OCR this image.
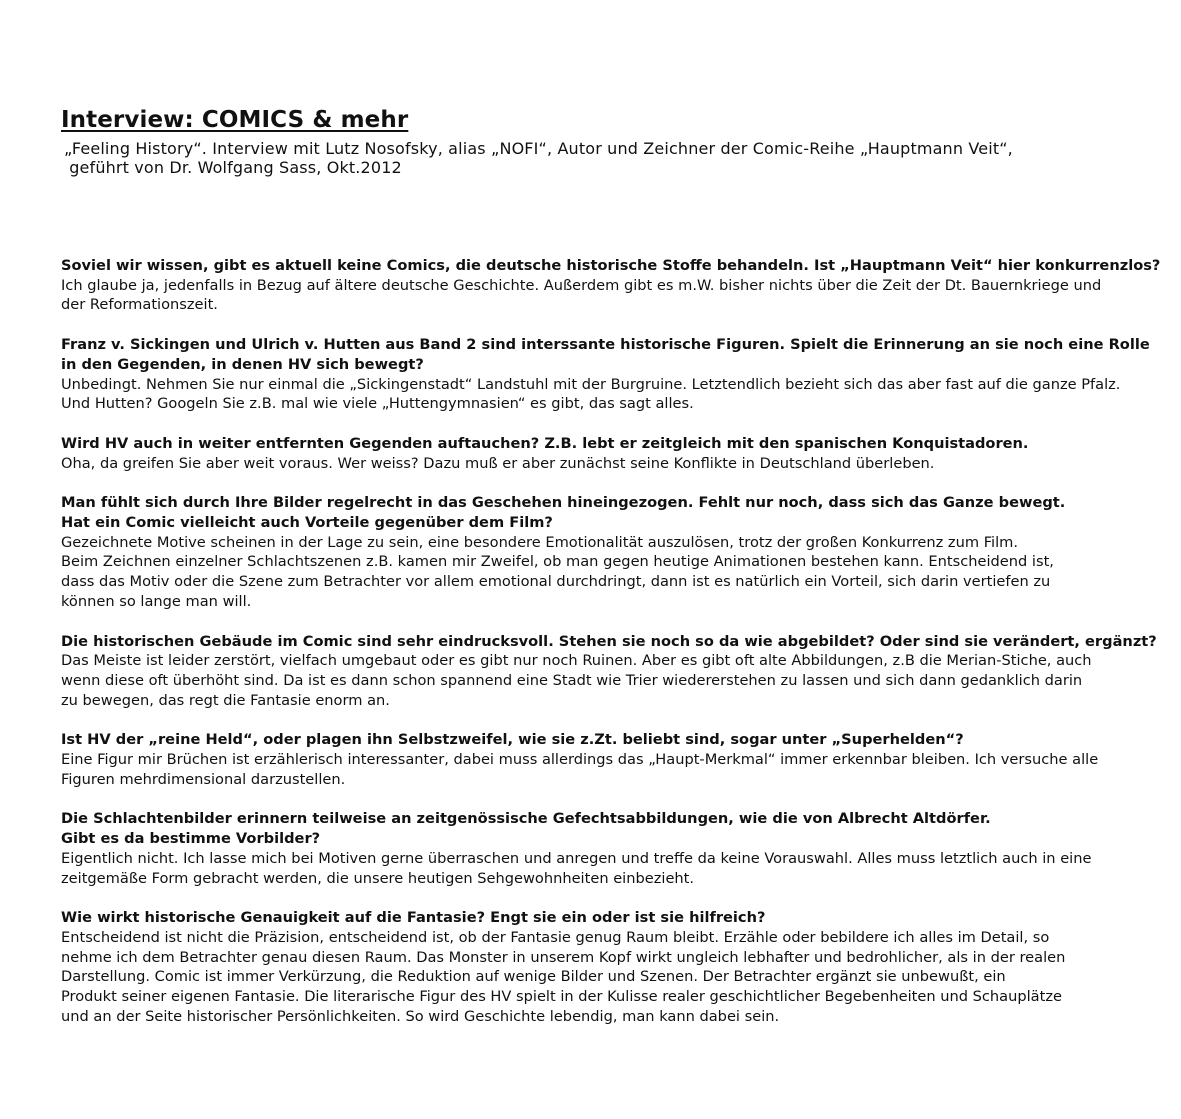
Interview: COMICS & mehr
„Feeling History“. Interview mit Lutz Nosofsky, alias „NOFI“, Autor und Zeichner der Comic-Reihe „Hauptmann Veit“,
geführt von Dr. Wolfgang Sass, Okt.2012

Soviel wir wissen, gibt es aktuell keine Comics, die deutsche historische Stoffe behandeln. Ist „Hauptmann Veit“ hier konkurrenzlos?

Ich glaube ja, jedenfalls in Bezug auf ältere deutsche Geschichte. Außerdem gibt es m.W. bisher nichts über die Zeit der Dt. Bauernkriege und
der Reformationszeit.

Franz v. Sickingen und Ulrich v. Hutten aus Band 2 sind interssante historische Figuren. Spielt die Erinnerung an sie noch eine Rolle
in den Gegenden, in denen HV sich bewegt?

Unbedingt. Nehmen Sie nur einmal die „Sickingenstadt“ Landstuhl mit der Burgruine. Letztendlich bezieht sich das aber fast auf die ganze Pfalz.
Und Hutten? Googeln Sie z.B. mal wie viele „Huttengymnasien“ es gibt, das sagt alles.

Wird HV auch in weiter entfernten Gegenden auftauchen? Z.B. lebt er zeitgleich mit den spanischen Konquistadoren.

Oha, da greifen Sie aber weit voraus. Wer weiss? Dazu muß er aber zunächst seine Konflikte in Deutschland überleben.

Man fühlt sich durch Ihre Bilder regelrecht in das Geschehen hineingezogen. Fehlt nur noch, dass sich das Ganze bewegt.
Hat ein Comic vielleicht auch Vorteile gegenüber dem Film?

Gezeichnete Motive scheinen in der Lage zu sein, eine besondere Emotionalität auszulösen, trotz der großen Konkurrenz zum Film.
Beim Zeichnen einzelner Schlachtszenen z.B. kamen mir Zweifel, ob man gegen heutige Animationen bestehen kann. Entscheidend ist,
dass das Motiv oder die Szene zum Betrachter vor allem emotional durchdringt, dann ist es natürlich ein Vorteil, sich darin vertiefen zu
können so lange man will.

Die historischen Gebäude im Comic sind sehr eindrucksvoll. Stehen sie noch so da wie abgebildet? Oder sind sie verändert, ergänzt?

Das Meiste ist leider zerstört, vielfach umgebaut oder es gibt nur noch Ruinen. Aber es gibt oft alte Abbildungen, z.B die Merian-Stiche, auch
wenn diese oft überhöht sind. Da ist es dann schon spannend eine Stadt wie Trier wiedererstehen zu lassen und sich dann gedanklich darin
zu bewegen, das regt die Fantasie enorm an.

Ist HV der „reine Held“, oder plagen ihn Selbstzweifel, wie sie z.Zt. beliebt sind, sogar unter „Superhelden“?

Eine Figur mir Brüchen ist erzählerisch interessanter, dabei muss allerdings das „Haupt-Merkmal“ immer erkennbar bleiben. Ich versuche alle
Figuren mehrdimensional darzustellen.

Die Schlachtenbilder erinnern teilweise an zeitgenössische Gefechtsabbildungen, wie die von Albrecht Altdörfer.
Gibt es da bestimme Vorbilder?

Eigentlich nicht. Ich lasse mich bei Motiven gerne überraschen und anregen und treffe da keine Vorauswahl. Alles muss letztlich auch in eine
zeitgemäße Form gebracht werden, die unsere heutigen Sehgewohnheiten einbezieht.

Wie wirkt historische Genauigkeit auf die Fantasie? Engt sie ein oder ist sie hilfreich?

Entscheidend ist nicht die Präzision, entscheidend ist, ob der Fantasie genug Raum bleibt. Erzähle oder bebildere ich alles im Detail, so
nehme ich dem Betrachter genau diesen Raum. Das Monster in unserem Kopf wirkt ungleich lebhafter und bedrohlicher, als in der realen
Darstellung. Comic ist immer Verkürzung, die Reduktion auf wenige Bilder und Szenen. Der Betrachter ergänzt sie unbewußt, ein
Produkt seiner eigenen Fantasie. Die literarische Figur des HV spielt in der Kulisse realer geschichtlicher Begebenheiten und Schauplätze
und an der Seite historischer Persönlichkeiten. So wird Geschichte lebendig, man kann dabei sein.
